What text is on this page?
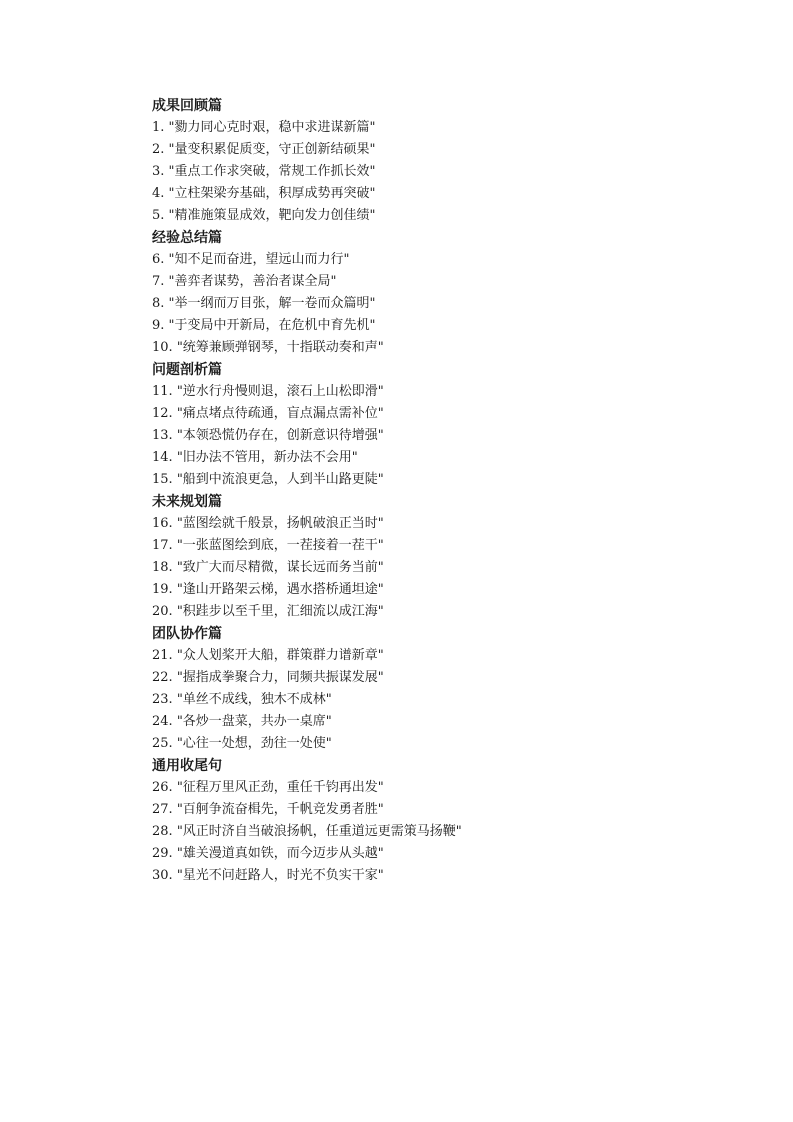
成果回顾篇
1. "勠力同心克时艰，稳中求进谋新篇"
2. "量变积累促质变，守正创新结硕果"
3. "重点工作求突破，常规工作抓长效"
4. "立柱架梁夯基础，积厚成势再突破"
5. "精准施策显成效，靶向发力创佳绩"
经验总结篇
6. "知不足而奋进，望远山而力行"
7. "善弈者谋势，善治者谋全局"
8. "举一纲而万目张，解一卷而众篇明"
9. "于变局中开新局，在危机中育先机"
10. "统筹兼顾弹钢琴，十指联动奏和声"
问题剖析篇
11. "逆水行舟慢则退，滚石上山松即滑"
12. "痛点堵点待疏通，盲点漏点需补位"
13. "本领恐慌仍存在，创新意识待增强"
14. "旧办法不管用，新办法不会用"
15. "船到中流浪更急，人到半山路更陡"
未来规划篇
16. "蓝图绘就千般景，扬帆破浪正当时"
17. "一张蓝图绘到底，一茬接着一茬干"
18. "致广大而尽精微，谋长远而务当前"
19. "逢山开路架云梯，遇水搭桥通坦途"
20. "积跬步以至千里，汇细流以成江海"
团队协作篇
21. "众人划桨开大船，群策群力谱新章"
22. "握指成拳聚合力，同频共振谋发展"
23. "单丝不成线，独木不成林"
24. "各炒一盘菜，共办一桌席"
25. "心往一处想，劲往一处使"
通用收尾句
26. "征程万里风正劲，重任千钧再出发"
27. "百舸争流奋楫先，千帆竞发勇者胜"
28. "风正时济自当破浪扬帆，任重道远更需策马扬鞭"
29. "雄关漫道真如铁，而今迈步从头越"
30. "星光不问赶路人，时光不负实干家"
